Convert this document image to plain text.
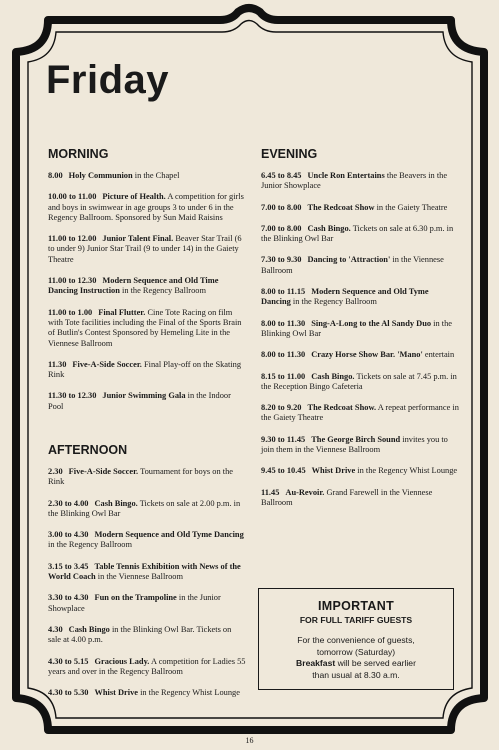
Friday
MORNING

8.00 Holy Communion in the Chapel

10.00 to 11.00 Picture of Health. A competition for girls and boys in swimwear in age groups 3 to under 6 in the Regency Ballroom. Sponsored by Sun Maid Raisins

11.00 to 12.00 Junior Talent Final. Beaver Star Trail (6 to under 9) Junior Star Trail (9 to under 14) in the Gaiety Theatre

11.00 to 12.30 Modern Sequence and Old Time Dancing Instruction in the Regency Ballroom

11.00 to 1.00 Final Flutter. Cine Tote Racing on film with Tote facilities including the Final of the Sports Brain of Butlin's Contest Sponsored by Hemeling Lite in the Viennese Ballroom

11.30 Five-A-Side Soccer. Final Play-off on the Skating Rink

11.30 to 12.30 Junior Swimming Gala in the Indoor Pool

AFTERNOON

2.30 Five-A-Side Soccer. Tournament for boys on the Rink

2.30 to 4.00 Cash Bingo. Tickets on sale at 2.00 p.m. in the Blinking Owl Bar

3.00 to 4.30 Modern Sequence and Old Tyme Dancing in the Regency Ballroom

3.15 to 3.45 Table Tennis Exhibition with News of the World Coach in the Viennese Ballroom

3.30 to 4.30 Fun on the Trampoline in the Junior Showplace

4.30 Cash Bingo in the Blinking Owl Bar. Tickets on sale at 4.00 p.m.

4.30 to 5.15 Gracious Lady. A competition for Ladies 55 years and over in the Regency Ballroom

4.30 to 5.30 Whist Drive in the Regency Whist Lounge

EVENING

6.45 to 8.45 Uncle Ron Entertains the Beavers in the Junior Showplace

7.00 to 8.00 The Redcoat Show in the Gaiety Theatre

7.00 to 8.00 Cash Bingo. Tickets on sale at 6.30 p.m. in the Blinking Owl Bar

7.30 to 9.30 Dancing to 'Attraction' in the Viennese Ballroom

8.00 to 11.15 Modern Sequence and Old Tyme Dancing in the Regency Ballroom

8.00 to 11.30 Sing-A-Long to the Al Sandy Duo in the Blinking Owl Bar

8.00 to 11.30 Crazy Horse Show Bar. 'Mano' entertain

8.15 to 11.00 Cash Bingo. Tickets on sale at 7.45 p.m. in the Reception Bingo Cafeteria

8.20 to 9.20 The Redcoat Show. A repeat performance in the Gaiety Theatre

9.30 to 11.45 The George Birch Sound invites you to join them in the Viennese Ballroom

9.45 to 10.45 Whist Drive in the Regency Whist Lounge

11.45 Au-Revoir. Grand Farewell in the Viennese Ballroom

IMPORTANT
FOR FULL TARIFF GUESTS
For the convenience of guests,
tomorrow (Saturday)
Breakfast will be served earlier
than usual at 8.30 a.m.
16
